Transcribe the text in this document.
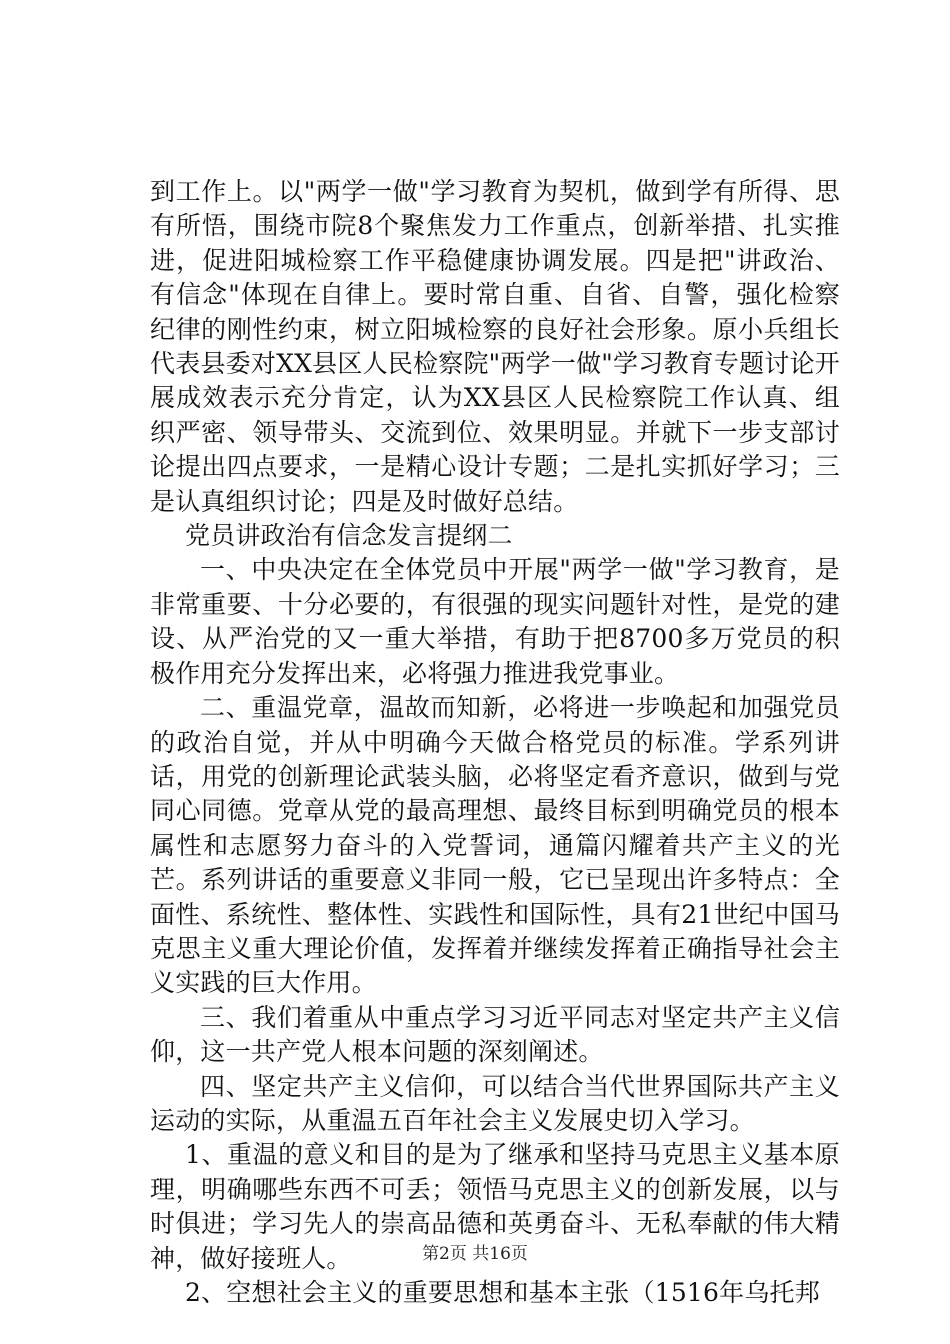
到工作上。以"两学一做"学习教育为契机，做到学有所得、思有所悟，围绕市院8个聚焦发力工作重点，创新举措、扎实推进，促进阳城检察工作平稳健康协调发展。四是把"讲政治、有信念"体现在自律上。要时常自重、自省、自警，强化检察纪律的刚性约束，树立阳城检察的良好社会形象。原小兵组长代表县委对XX县区人民检察院"两学一做"学习教育专题讨论开展成效表示充分肯定，认为XX县区人民检察院工作认真、组织严密、领导带头、交流到位、效果明显。并就下一步支部讨论提出四点要求，一是精心设计专题；二是扎实抓好学习；三是认真组织讨论；四是及时做好总结。

党员讲政治有信念发言提纲二

一、中央决定在全体党员中开展"两学一做"学习教育，是非常重要、十分必要的，有很强的现实问题针对性，是党的建设、从严治党的又一重大举措，有助于把8700多万党员的积极作用充分发挥出来，必将强力推进我党事业。

二、重温党章，温故而知新，必将进一步唤起和加强党员的政治自觉，并从中明确今天做合格党员的标准。学系列讲话，用党的创新理论武装头脑，必将坚定看齐意识，做到与党同心同德。党章从党的最高理想、最终目标到明确党员的根本属性和志愿努力奋斗的入党誓词，通篇闪耀着共产主义的光芒。系列讲话的重要意义非同一般，它已呈现出许多特点：全面性、系统性、整体性、实践性和国际性，具有21世纪中国马克思主义重大理论价值，发挥着并继续发挥着正确指导社会主义实践的巨大作用。

三、我们着重从中重点学习习近平同志对坚定共产主义信仰，这一共产党人根本问题的深刻阐述。

四、坚定共产主义信仰，可以结合当代世界国际共产主义运动的实际，从重温五百年社会主义发展史切入学习。

1、重温的意义和目的是为了继承和坚持马克思主义基本原理，明确哪些东西不可丢；领悟马克思主义的创新发展，以与时俱进；学习先人的崇高品德和英勇奋斗、无私奉献的伟大精神，做好接班人。

2、空想社会主义的重要思想和基本主张（1516年乌托邦

第2页 共16页
